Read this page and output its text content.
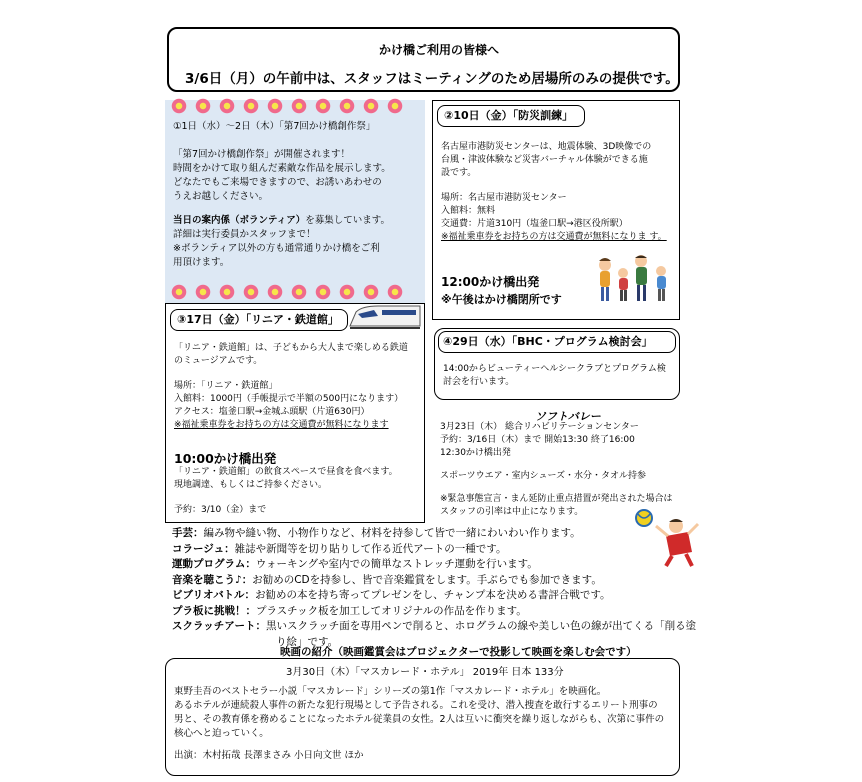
かけ橋ご利用の皆様へ
3/6日（月）の午前中は、スタッフはミーティングのため居場所のみの提供です。
①1日（水）～2日（木）「第7回かけ橋創作祭」
「第7回かけ橋創作祭」が開催されます！
時間をかけて取り組んだ素敵な作品を展示します。
どなたでもご来場できますので、お誘いあわせの
うえお越しください。
当日の案内係（ボランティア）を募集しています。
詳細は実行委員かスタッフまで！
※ボランティア以外の方も通常通りかけ橋をご利
用頂けます。
②10日（金）「防災訓練」
名古屋市港防災センターは、地震体験、3D映像での
台風・津波体験など災害バーチャル体験ができる施
設です。
場所：名古屋市港防災センター
入館料：無料
交通費：片道310円（塩釜口駅→港区役所駅）
※福祉乗車券をお持ちの方は交通費が無料になりま す。
12:00かけ橋出発
※午後はかけ橋閉所です
③17日（金）「リニア・鉄道館」
「リニア・鉄道館」は、子どもから大人まで楽しめる鉄道
のミュージアムです。
場所：「リニア・鉄道館」
入館料：1000円（手帳提示で半額の500円になります）
アクセス：塩釜口駅→金城ふ頭駅（片道630円）
※福祉乗車券をお持ちの方は交通費が無料になります
10:00かけ橋出発
「リニア・鉄道館」の飲食スペースで昼食を食べます。
現地調達、もしくはご持参ください。
予約：3/10（金）まで
④29日（水）「BHC・プログラム検討会」
14:00からビューティーヘルシークラブとプログラム検
討会を行います。
ソフトバレー
3月23日（木） 総合リハビリテーションセンター
予約：3/16日（木）まで 開始13:30 終了16:00
12:30かけ橋出発
スポーツウエア・室内シューズ・水分・タオル持参
※緊急事態宣言・まん延防止重点措置が発出された場合は
スタッフの引率は中止になります。
手芸：編み物や縫い物、小物作りなど、材料を持参して皆で一緒にわいわい作ります。
コラージュ：雑誌や新聞等を切り貼りして作る近代アートの一種です。
運動プログラム：ウォーキングや室内での簡単なストレッチ運動を行います。
音楽を聴こう♪：お勧めのCDを持参し、皆で音楽鑑賞をします。手ぶらでも参加できます。
ビブリオバトル：お勧めの本を持ち寄ってプレゼンをし、チャンプ本を決める書評合戦です。
プラ板に挑戦！：プラスチック板を加工してオリジナルの作品を作ります。
スクラッチアート：黒いスクラッチ面を専用ペンで削ると、ホログラムの線や美しい色の線が出てくる「削る塗
り絵」です。
映画の紹介（映画鑑賞会はプロジェクターで投影して映画を楽しむ会です）
3月30日（木）「マスカレード・ホテル」 2019年 日本 133分
東野圭吾のベストセラー小説「マスカレード」シリーズの第1作「マスカレード・ホテル」を映画化。
あるホテルが連続殺人事件の新たな犯行現場として予告される。これを受け、潜入捜査を敢行するエリート刑事の
男と、その教育係を務めることになったホテル従業員の女性。2人は互いに衝突を繰り返しながらも、次第に事件の
核心へと迫っていく。
出演：木村拓哉 長澤まさみ 小日向文世 ほか
